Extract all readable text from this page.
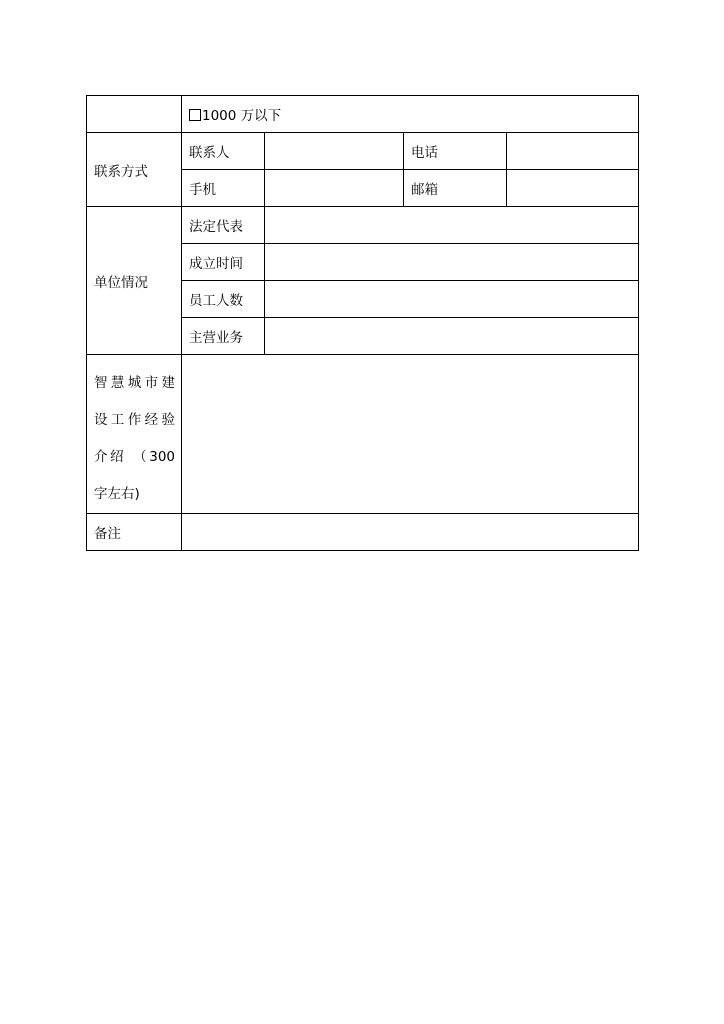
	1000 万以下			
联系方式	联系人		电话	
	手机		邮箱	
单位情况	法定代表			
	成立时间			
	员工人数			
	主营业务			

智慧城市建
设工作经验
介绍 （300
字左右)				

备注				
